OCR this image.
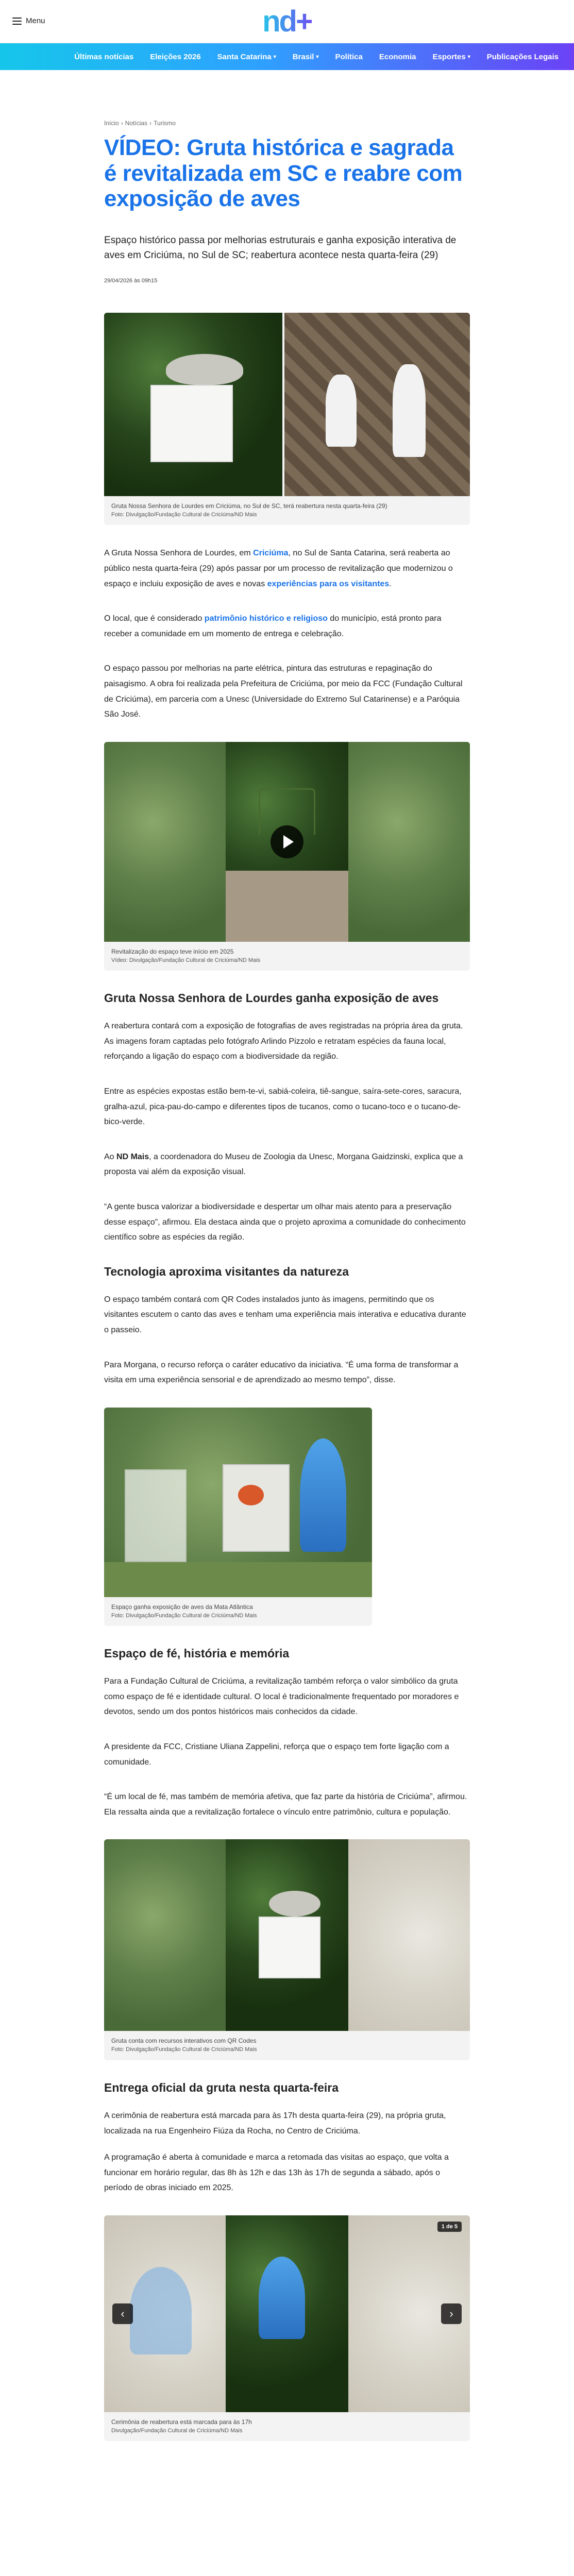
Menu	nd+
Últimas notícias Eleições 2026 Santa Catarina ▾ Brasil ▾ Política Economia Esportes ▾ Publicações Legais
Início › Notícias › Turismo
VÍDEO: Gruta histórica e sagrada é revitalizada em SC e reabre com exposição de aves

Espaço histórico passa por melhorias estruturais e ganha exposição interativa de aves em Criciúma, no Sul de SC; reabertura acontece nesta quarta-feira (29)

29/04/2026 às 09h15
Gruta Nossa Senhora de Lourdes em Criciúma, no Sul de SC, terá reabertura nesta quarta-feira (29)
Foto: Divulgação/Fundação Cultural de Criciúma/ND Mais

A Gruta Nossa Senhora de Lourdes, em Criciúma, no Sul de Santa Catarina, será reaberta ao público nesta quarta-feira (29) após passar por um processo de revitalização que modernizou o espaço e incluiu exposição de aves e novas experiências para os visitantes.

O local, que é considerado patrimônio histórico e religioso do município, está pronto para receber a comunidade em um momento de entrega e celebração.

O espaço passou por melhorias na parte elétrica, pintura das estruturas e repaginação do paisagismo. A obra foi realizada pela Prefeitura de Criciúma, por meio da FCC (Fundação Cultural de Criciúma), em parceria com a Unesc (Universidade do Extremo Sul Catarinense) e a Paróquia São José.

Revitalização do espaço teve início em 2025
Vídeo: Divulgação/Fundação Cultural de Criciúma/ND Mais
Gruta Nossa Senhora de Lourdes ganha exposição de aves

A reabertura contará com a exposição de fotografias de aves registradas na própria área da gruta. As imagens foram captadas pelo fotógrafo Arlindo Pizzolo e retratam espécies da fauna local, reforçando a ligação do espaço com a biodiversidade da região.

Entre as espécies expostas estão bem-te-vi, sabiá-coleira, tiê-sangue, saíra-sete-cores, saracura, gralha-azul, pica-pau-do-campo e diferentes tipos de tucanos, como o tucano-toco e o tucano-de-bico-verde.

Ao ND Mais, a coordenadora do Museu de Zoologia da Unesc, Morgana Gaidzinski, explica que a proposta vai além da exposição visual.

“A gente busca valorizar a biodiversidade e despertar um olhar mais atento para a preservação desse espaço”, afirmou. Ela destaca ainda que o projeto aproxima a comunidade do conhecimento científico sobre as espécies da região.

Tecnologia aproxima visitantes da natureza

O espaço também contará com QR Codes instalados junto às imagens, permitindo que os visitantes escutem o canto das aves e tenham uma experiência mais interativa e educativa durante o passeio.

Para Morgana, o recurso reforça o caráter educativo da iniciativa. “É uma forma de transformar a visita em uma experiência sensorial e de aprendizado ao mesmo tempo”, disse.

Espaço ganha exposição de aves da Mata Atlântica
Foto: Divulgação/Fundação Cultural de Criciúma/ND Mais
Espaço de fé, história e memória

Para a Fundação Cultural de Criciúma, a revitalização também reforça o valor simbólico da gruta como espaço de fé e identidade cultural. O local é tradicionalmente frequentado por moradores e devotos, sendo um dos pontos históricos mais conhecidos da cidade.

A presidente da FCC, Cristiane Uliana Zappelini, reforça que o espaço tem forte ligação com a comunidade.

“É um local de fé, mas também de memória afetiva, que faz parte da história de Criciúma”, afirmou. Ela ressalta ainda que a revitalização fortalece o vínculo entre patrimônio, cultura e população.

Gruta conta com recursos interativos com QR Codes
Foto: Divulgação/Fundação Cultural de Criciúma/ND Mais
Entrega oficial da gruta nesta quarta-feira

A cerimônia de reabertura está marcada para às 17h desta quarta-feira (29), na própria gruta, localizada na rua Engenheiro Fiúza da Rocha, no Centro de Criciúma.

A programação é aberta à comunidade e marca a retomada das visitas ao espaço, que volta a funcionar em horário regular, das 8h às 12h e das 13h às 17h de segunda a sábado, após o período de obras iniciado em 2025.

1 de 5
‹	›
Cerimônia de reabertura está marcada para às 17h
Divulgação/Fundação Cultural de Criciúma/ND Mais
